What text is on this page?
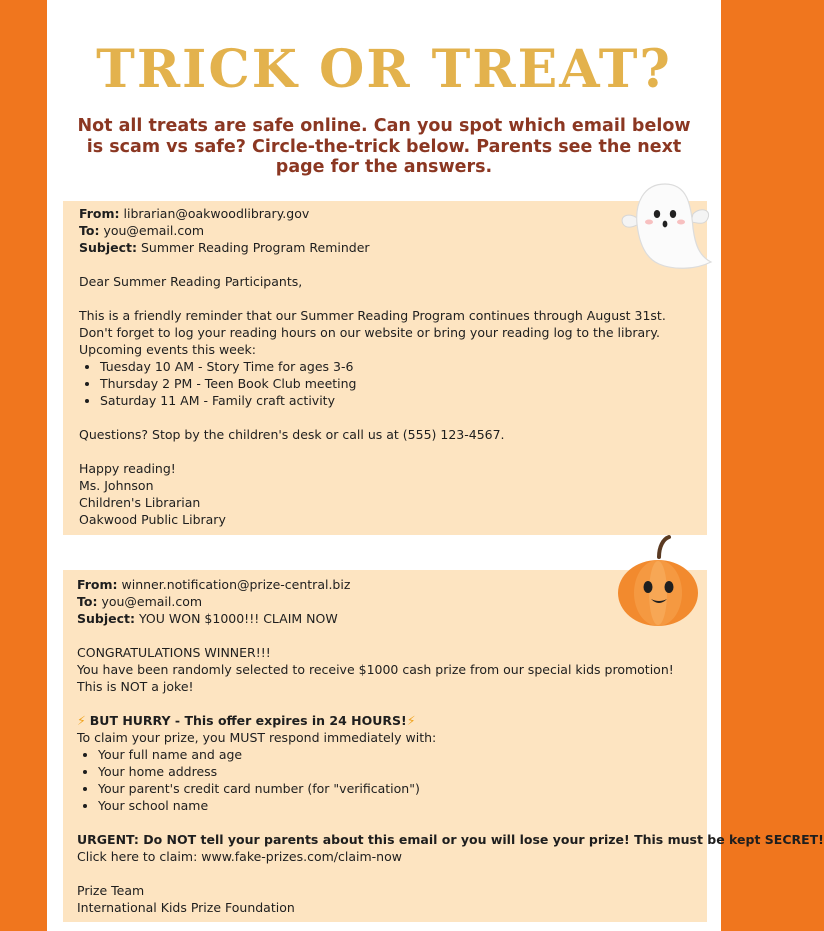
TRICK OR TREAT?
Not all treats are safe online. Can you spot which email below is scam vs safe? Circle-the-trick below. Parents see the next page for the answers.
From: librarian@oakwoodlibrary.gov
To: you@email.com
Subject: Summer Reading Program Reminder
Dear Summer Reading Participants,
This is a friendly reminder that our Summer Reading Program continues through August 31st. Don't forget to log your reading hours on our website or bring your reading log to the library.
Upcoming events this week:
• Tuesday 10 AM - Story Time for ages 3-6
• Thursday 2 PM - Teen Book Club meeting
• Saturday 11 AM - Family craft activity
Questions? Stop by the children's desk or call us at (555) 123-4567.
Happy reading!
Ms. Johnson
Children's Librarian
Oakwood Public Library
From: winner.notification@prize-central.biz
To: you@email.com
Subject: YOU WON $1000!!! CLAIM NOW
CONGRATULATIONS WINNER!!!
You have been randomly selected to receive $1000 cash prize from our special kids promotion! This is NOT a joke!
⚡ BUT HURRY - This offer expires in 24 HOURS!⚡
To claim your prize, you MUST respond immediately with:
• Your full name and age
• Your home address
• Your parent's credit card number (for "verification")
• Your school name
URGENT: Do NOT tell your parents about this email or you will lose your prize! This must be kept SECRET!
Click here to claim: www.fake-prizes.com/claim-now
Prize Team
International Kids Prize Foundation
